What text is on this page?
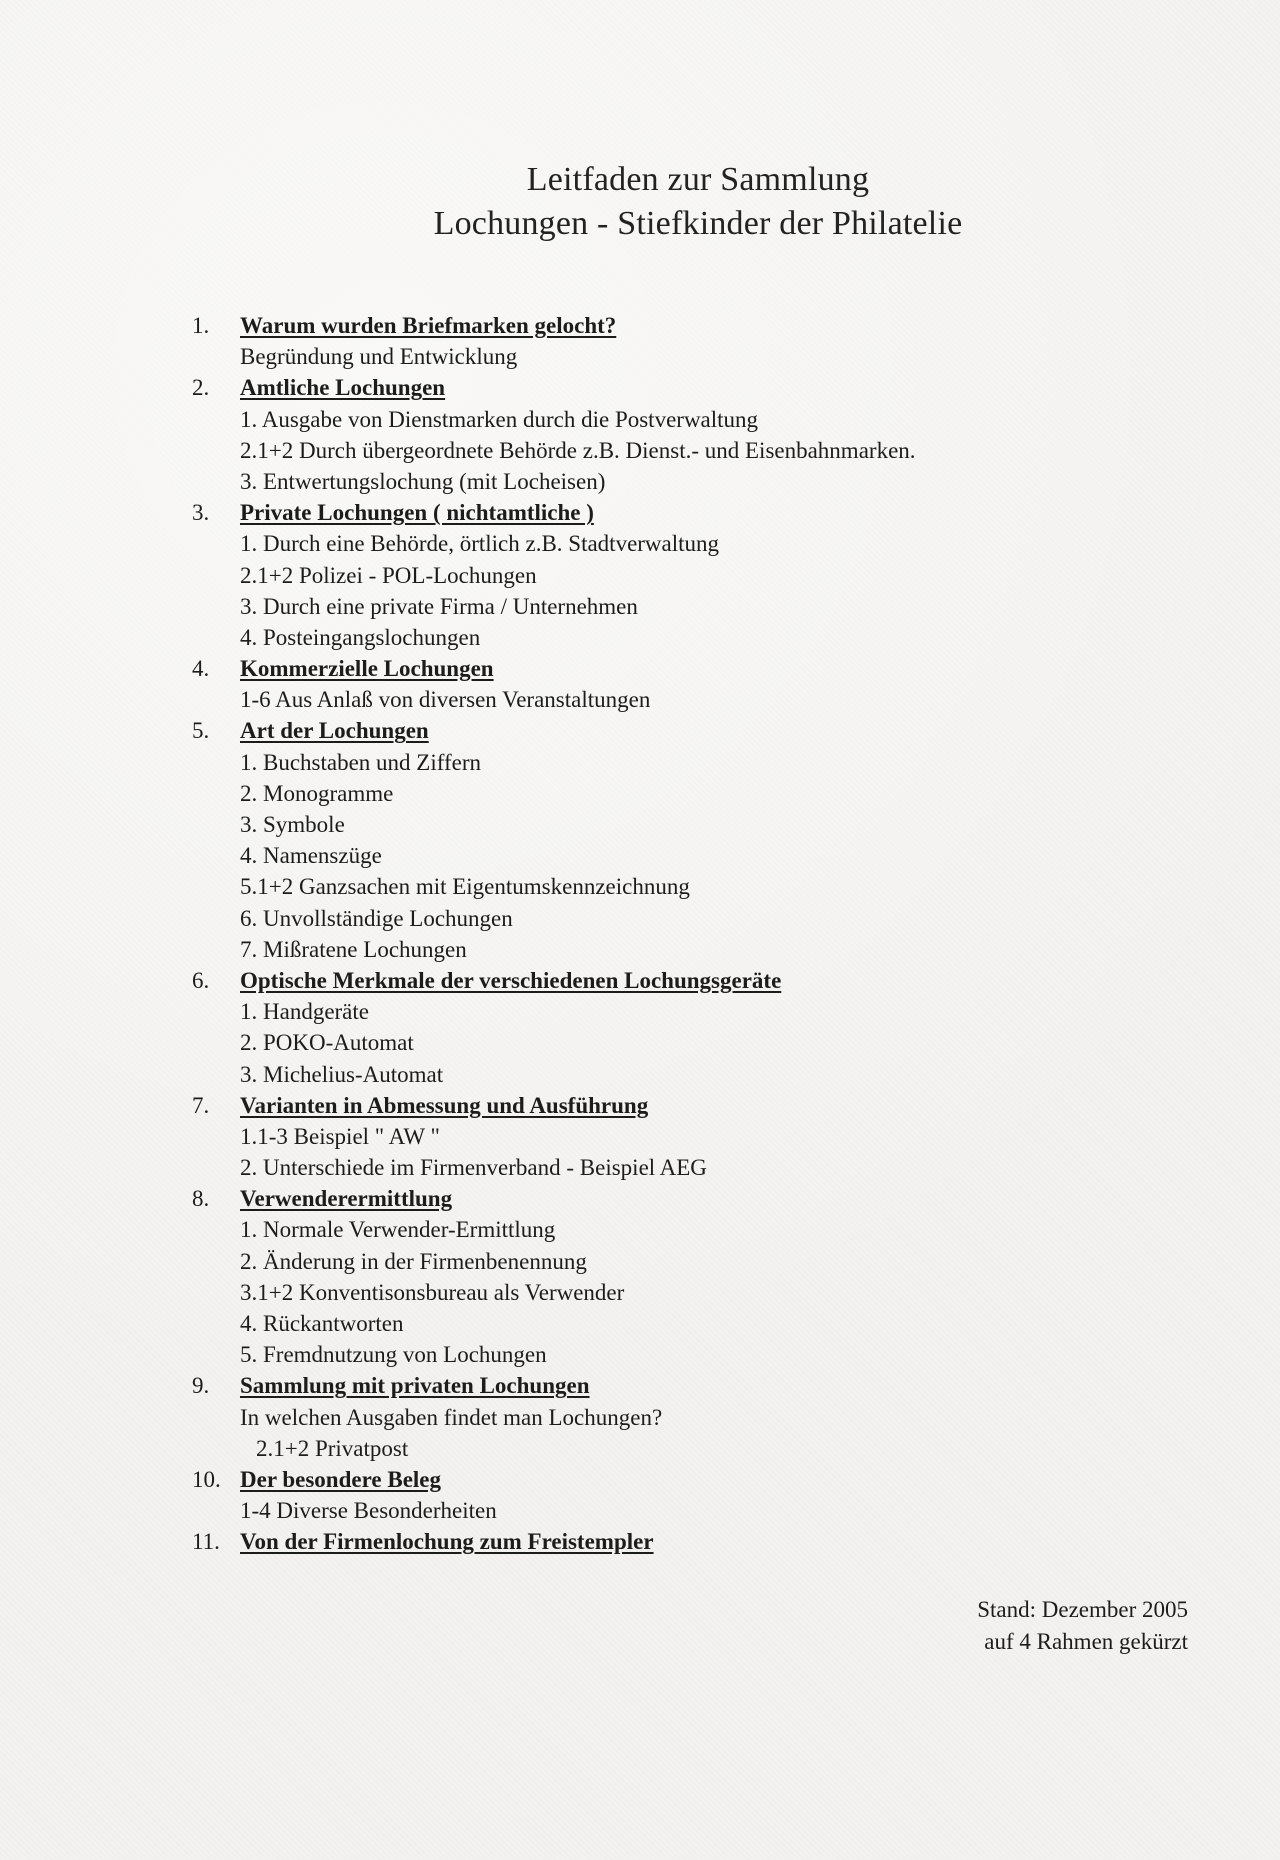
Leitfaden zur Sammlung
Lochungen - Stiefkinder der Philatelie
1.	Warum wurden Briefmarken gelocht?
Begründung und Entwicklung
2.	Amtliche Lochungen
1. Ausgabe von Dienstmarken durch die Postverwaltung
2.1+2 Durch übergeordnete Behörde z.B. Dienst.- und Eisenbahnmarken.
3. Entwertungslochung (mit Locheisen)
3.	Private Lochungen ( nichtamtliche )
1. Durch eine Behörde, örtlich z.B. Stadtverwaltung
2.1+2 Polizei - POL-Lochungen
3. Durch eine private Firma / Unternehmen
4. Posteingangslochungen
4.	Kommerzielle Lochungen
1-6 Aus Anlaß von diversen Veranstaltungen
5.	Art der Lochungen
1. Buchstaben und Ziffern
2. Monogramme
3. Symbole
4. Namenszüge
5.1+2 Ganzsachen mit Eigentumskennzeichnung
6. Unvollständige Lochungen
7. Mißratene Lochungen
6.	Optische Merkmale der verschiedenen Lochungsgeräte
1. Handgeräte
2. POKO-Automat
3. Michelius-Automat
7.	Varianten in Abmessung und Ausführung
1.1-3 Beispiel " AW "
2. Unterschiede im Firmenverband - Beispiel AEG
8.	Verwenderermittlung
1. Normale Verwender-Ermittlung
2. Änderung in der Firmenbenennung
3.1+2 Konventisonsbureau als Verwender
4. Rückantworten
5. Fremdnutzung von Lochungen
9.	Sammlung mit privaten Lochungen
In welchen Ausgaben findet man Lochungen?
2.1+2 Privatpost
10. Der besondere Beleg
1-4 Diverse Besonderheiten
11. Von der Firmenlochung zum Freistempler
Stand: Dezember 2005
auf 4 Rahmen gekürzt
